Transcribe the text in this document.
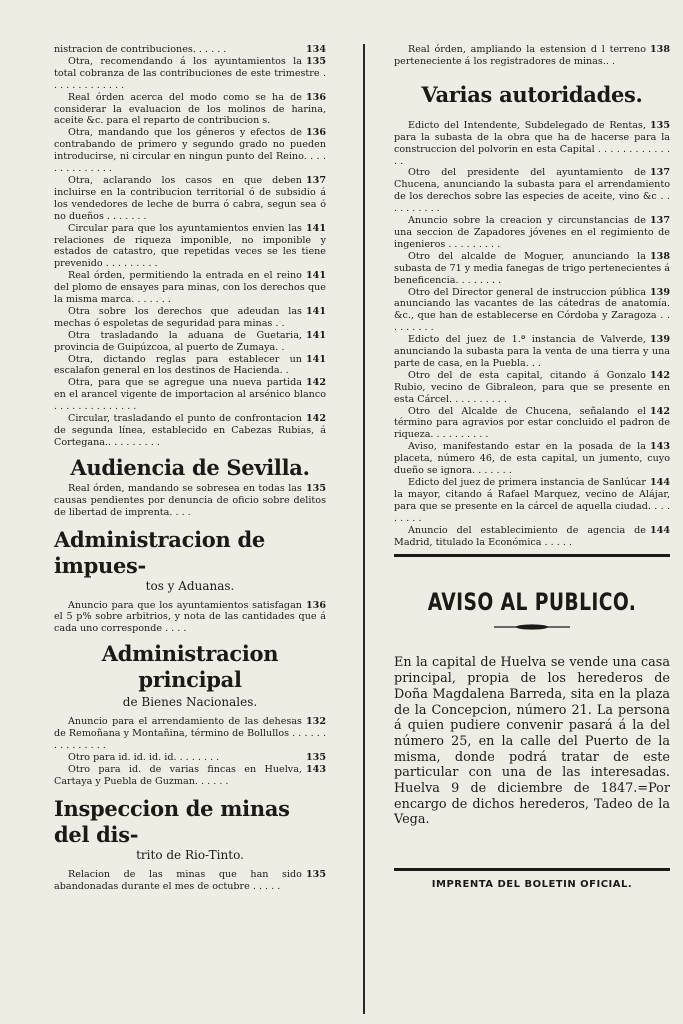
134
nistracion de contribuciones. . . . . .
135
Otra, recomendando á los ayuntamientos la total cobranza de las contribuciones de este trimestre . . . . . . . . . . . . .
136
Real órden acerca del modo como se ha de considerar la evaluacion de los molinos de harina, aceite &c. para el reparto de contribucion s.
136
Otra, mandando que los géneros y efectos de contrabando de primero y segundo grado no pueden introducirse, ni circular en ningun punto del Reino. . . . . . . . . . . . . .
137
Otra, aclarando los casos en que deben incluirse en la contribucion territorial ó de subsidio á los vendedores de leche de burra ó cabra, segun sea ó no dueños . . . . . . .
141
Circular para que los ayuntamientos envien las relaciones de riqueza imponible, no imponible y estados de catastro, que repetidas veces se les tiene prevenido . . . . . . . . .
141
Real órden, permitiendo la entrada en el reino del plomo de ensayes para minas, con los derechos que la misma marca. . . . . . .
141
Otra sobre los derechos que adeudan las mechas ó espoletas de seguridad para minas . .
141
Otra trasladando la aduana de Guetaria, provincia de Guipúzcoa, al puerto de Zumaya. .
141
Otra, dictando reglas para establecer un escalafon general en los destinos de Hacienda. .
142
Otra, para que se agregue una nueva partida en el arancel vigente de importacion al arsénico blanco . . . . . . . . . . . . . .
142
Circular, trasladando el punto de confrontacion de segunda línea, establecido en Cabezas Rubias, á Cortegana.. . . . . . . . .
Audiencia de Sevilla.
135
Real órden, mandando se sobresea en todas las causas pendientes por denuncia de oficio sobre delitos de libertad de imprenta. . . .
Administracion de impues-
tos y Aduanas.
136
Anuncio para que los ayuntamientos satisfagan el 5 p% sobre arbitrios, y nota de las cantidades que á cada uno corresponde . . . .
Administracion principal
de Bienes Nacionales.
132
Anuncio para el arrendamiento de las dehesas de Remoñana y Montañina, término de Bollullos . . . . . . . . . . . . . . .
135
Otro para id. id. id. id. . . . . . . .
143
Otro para id. de varias fincas en Huelva, Cartaya y Puebla de Guzman. . . . . .
Inspeccion de minas del dis-
trito de Rio-Tinto.
135
Relacion de las minas que han sido abandonadas durante el mes de octubre . . . . .
138
Real órden, ampliando la estension d l terreno perteneciente á los registradores de minas.. .
Varias autoridades.
135
Edicto del Intendente, Subdelegado de Rentas, para la subasta de la obra que ha de hacerse para la construccion del polvorin en esta Capital . . . . . . . . . . . . . .
137
Otro del presidente del ayuntamiento de Chucena, anunciando la subasta para el arrendamiento de los derechos sobre las especies de aceite, vino &c . . . . . . . . . .
137
Anuncio sobre la creacion y circunstancias de una seccion de Zapadores jóvenes en el regimiento de ingenieros . . . . . . . . .
138
Otro del alcalde de Moguer, anunciando la subasta de 71 y media fanegas de trigo pertenecientes á beneficencia. . . . . . . .
139
Otro del Director general de instruccion pública anunciando las vacantes de las cátedras de anatomía. &c., que han de establecerse en Córdoba y Zaragoza . . . . . . . . .
139
Edicto del juez de 1.ª instancia de Valverde, anunciando la subasta para la venta de una tierra y una parte de casa, en la Puebla. . .
142
Otro del de esta capital, citando á Gonzalo Rubio, vecino de Gibraleon, para que se presente en esta Cárcel. . . . . . . . . .
142
Otro del Alcalde de Chucena, señalando el término para agravios por estar concluido el padron de riqueza. . . . . . . . . .
143
Aviso, manifestando estar en la posada de la placeta, número 46, de esta capital, un jumento, cuyo dueño se ignora. . . . . . .
144
Edicto del juez de primera instancia de Sanlúcar la mayor, citando á Rafael Marquez, vecino de Alájar, para que se presente en la cárcel de aquella ciudad. . . . . . . . .
144
Anuncio del establecimiento de agencia de Madrid, titulado la Económica . . . . .
AVISO AL PUBLICO.
En la capital de Huelva se vende una casa principal, propia de los herederos de Doña Magdalena Barreda, sita en la plaza de la Concepcion, número 21. La persona á quien pudiere convenir pasará á la del número 25, en la calle del Puerto de la misma, donde podrá tratar de este particular con una de las interesadas. Huelva 9 de diciembre de 1847.=Por encargo de dichos herederos, Tadeo de la Vega.
IMPRENTA DEL BOLETIN OFICIAL.
